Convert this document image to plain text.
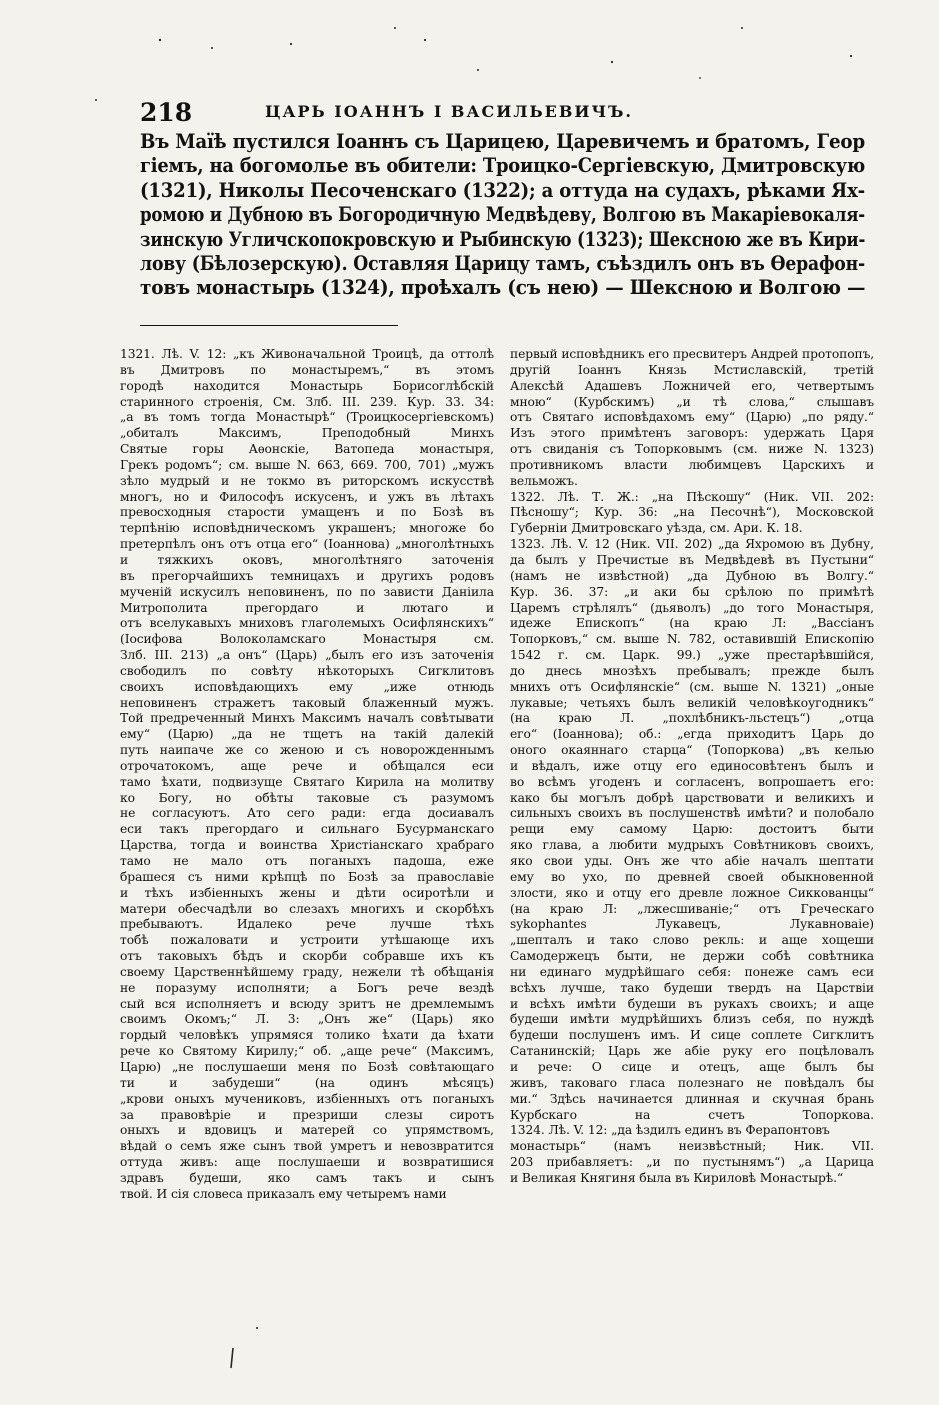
218	ЦАРЬ ІОАННЪ І ВАСИЛЬЕВИЧЪ.
Въ Маїѣ пустился Іоаннъ съ Царицею, Царевичемъ и братомъ, Геор
гіемъ, на богомолье въ обители: Троицко-Сергіевскую, Дмитровскую
(1321), Николы Песоченскаго (1322); а оттуда на судахъ, рѣками Ях-
ромою и Дубною въ Богородичную Медвѣдеву, Волгою въ Макаріевокаля-
зинскую Угличскопокровскую и Рыбинскую (1323); Шексною же въ Кири-
лову (Бѣлозерскую). Оставляя Царицу тамъ, съѣздилъ онъ въ Ѳерафон-
товъ монастырь (1324), проѣхалъ (съ нею) — Шексною и Волгою —
1321. Лѣ. V. 12: „къ Живоначальной Троицѣ, да оттолѣ
въ Дмитровъ по монастыремъ,“ въ этомъ
городѣ находится Монастырь Борисоглѣбскій
старинного строенія, См. Злб. III. 239. Кур. 33. 34:
„а въ томъ тогда Монастырѣ“ (Троицкосергіевскомъ)
„обиталъ Максимъ, Преподобный Минхъ
Святые горы Аѳонскіе, Ватопеда монастыря,
Грекъ родомъ“; см. выше N. 663, 669. 700, 701) „мужъ
зѣло мудрый и не токмо въ риторскомъ искусствѣ
многъ, но и Философъ искусенъ, и ужъ въ лѣтахъ
превосходныя старости умащенъ и по Бозѣ въ
терпѣнію исповѣдническомъ украшенъ; многоже бо
претерпѣлъ онъ отъ отца его“ (Іоаннова) „многолѣтныхъ
и тяжкихъ оковъ, многолѣтняго заточенія
въ прегорчайшихъ темницахъ и другихъ родовъ
мученій искусилъ неповиненъ, по по зависти Даніила
Митрополита прегордаго и лютаго и
отъ вселукавыхъ мниховъ глаголемыхъ Осифлянскихъ“
(Іосифова Волоколамскаго Монастыря см.
Злб. III. 213) „а онъ“ (Царь) „былъ его изъ заточенія
свободилъ по совѣту нѣкоторыхъ Сигклитовъ
своихъ исповѣдающихъ ему „иже отнюдь
неповиненъ стражетъ таковый блаженный мужъ.
Той предреченный Минхъ Максимъ началъ совѣтывати
ему“ (Царю) „да не тщетъ на такій далекій
путь наипаче же со женою и съ новорожденнымъ
отрочатокомъ, аще рече и обѣщался еси
тамо ѣхати, подвизуще Святаго Кирила на молитву
ко Богу, но обѣты таковые съ разумомъ
не согласуютъ. Ато сего ради: егда досиавалъ
еси такъ прегордаго и сильнаго Бусурманскаго
Царства, тогда и воинства Христіанскаго храбраго
тамо не мало отъ поганыхъ падоша, еже
брашеся съ ними крѣпцѣ по Бозѣ за православіе
и тѣхъ избіенныхъ жены и дѣти осиротѣли и
матери обесчадѣли во слезахъ многихъ и скорбѣхъ
пребываютъ. Идалеко рече лучше тѣхъ
тобѣ пожаловати и устроити утѣшающе ихъ
отъ таковыхъ бѣдъ и скорби собравше ихъ къ
своему Царственнѣйшему граду, нежели тѣ обѣщанія
не поразуму исполняти; а Богъ рече вездѣ
сый вся исполняетъ и всюду зритъ не дремлемымъ
своимъ Окомъ;“ Л. 3: „Онъ же“ (Царь) яко
гордый человѣкъ упрямяся толико ѣхати да ѣхати
рече ко Святому Кирилу;“ об. „аще рече“ (Максимъ,
Царю) „не послушаеши меня по Бозѣ совѣтающаго
ти и забудеши“ (на одинъ мѣсяцъ)
„крови оныхъ мучениковъ, избіенныхъ отъ поганыхъ
за правовѣріе и презриши слезы сиротъ
оныхъ и вдовицъ и матерей со упрямствомъ,
вѣдай о семъ яже сынъ твой умретъ и невозвратится
оттуда живъ: аще послушаеши и возвратишися
здравъ будеши, яко самъ такъ и сынъ
твой. И сія словеса приказалъ ему четыремъ нами
первый исповѣдникъ его пресвитеръ Андрей протопопъ,
другій Іоаннъ Князь Мстиславскій, третій
Алексѣй Адашевъ Ложничей его, четвертымъ
мною“ (Курбскимъ) „и тѣ слова,“ слышавъ
отъ Святаго исповѣдахомъ ему“ (Царю) „по ряду.“
Изъ этого примѣтенъ заговоръ: удержать Царя
отъ свиданія съ Топорковымъ (см. ниже N. 1323)
противникомъ власти любимцевъ Царскихъ и
вельможъ.
1322. Лѣ. Т. Ж.: „на Пѣскошу“ (Ник. VII. 202:
Пѣсношу“; Кур. 36: „на Песочнѣ“), Московской
Губерніи Дмитровскаго уѣзда, см. Ари. К. 18.
1323. Лѣ. V. 12 (Ник. VII. 202) „да Яхромою въ Дубну,
да былъ у Пречистые въ Медвѣдевѣ въ Пустыни“
(намъ не извѣстной) „да Дубною въ Волгу.“
Кур. 36. 37: „и аки бы срѣлою по примѣтѣ
Царемъ стрѣлялъ“ (дьяволъ) „до того Монастыря,
идеже Епископъ“ (на краю Л: „Вассіанъ
Топорковъ,“ см. выше N. 782, оставившій Епископію
1542 г. см. Царк. 99.) „уже престарѣвшійся,
до днесь мнозѣхъ пребывалъ; прежде былъ
мнихъ отъ Осифлянскіе“ (см. выше N. 1321) „оные
лукавые; четьяхъ былъ великій человѣкоугодникъ“
(на краю Л. „похлѣбникъ-льстецъ“) „отца
его“ (Іоаннова); об.: „егда приходитъ Царь до
оного окаяннаго старца“ (Топоркова) „въ келью
и вѣдалъ, иже отцу его единосовѣтенъ былъ и
во всѣмъ угоденъ и согласенъ, вопрошаетъ его:
како бы могълъ добрѣ царствовати и великихъ и
сильныхъ своихъ въ послушенствѣ имѣти? и полобало
рещи ему самому Царю: достоитъ быти
яко глава, а любити мудрыхъ Совѣтниковъ своихъ,
яко свои уды. Онъ же что абіе началъ шептати
ему во ухо, по древней своей обыкновенной
злости, яко и отцу его древле ложное Сиккованцы“
(на краю Л: „лжесшиваніе;“ отъ Греческаго
sykophantes Лукавецъ, Лукавноваіе)
„шепталъ и тако слово рекль: и аще хощеши
Самодержецъ быти, не держи собѣ совѣтника
ни единаго мудрѣйшаго себя: понеже самъ еси
всѣхъ лучше, тако будеши твердъ на Царствіи
и всѣхъ имѣти будеши въ рукахъ своихъ; и аще
будеши имѣти мудрѣйшихъ близъ себя, по нуждѣ
будеши послушенъ имъ. И сице соплете Сигклитъ
Сатанинскій; Царь же абіе руку его поцѣловалъ
и рече: О сице и отецъ, аще былъ бы
живъ, таковаго гласа полезнаго не повѣдалъ бы
ми.“ Здѣсь начинается длинная и скучная брань
Курбскаго на счетъ Топоркова.
1324. Лѣ. V. 12: „да ѣздилъ единъ въ Ферапонтовъ
монастырь“ (намъ неизвѣстный; Ник. VII.
203 прибавляетъ: „и по пустынямъ“) „а Царица
и Великая Княгиня была въ Кириловѣ Монастырѣ.“
